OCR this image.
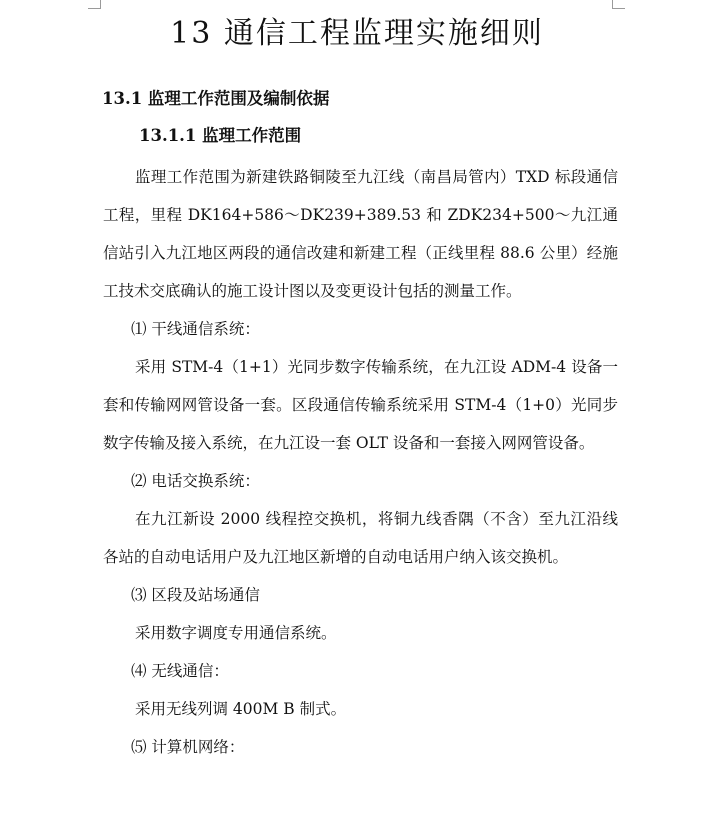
13 通信工程监理实施细则
13.1 监理工作范围及编制依据
13.1.1 监理工作范围

监理工作范围为新建铁路铜陵至九江线（南昌局管内）TXD 标段通信工程，里程 DK164+586～DK239+389.53 和 ZDK234+500～九江通信站引入九江地区两段的通信改建和新建工程（正线里程 88.6 公里）经施工技术交底确认的施工设计图以及变更设计包括的测量工作。

⑴ 干线通信系统：

采用 STM-4（1+1）光同步数字传输系统，在九江设 ADM-4 设备一套和传输网网管设备一套。区段通信传输系统采用 STM-4（1+0）光同步数字传输及接入系统，在九江设一套 OLT 设备和一套接入网网管设备。

⑵ 电话交换系统：

在九江新设 2000 线程控交换机，将铜九线香隅（不含）至九江沿线各站的自动电话用户及九江地区新增的自动电话用户纳入该交换机。

⑶ 区段及站场通信

采用数字调度专用通信系统。

⑷ 无线通信：

采用无线列调 400M B 制式。

⑸ 计算机网络：
